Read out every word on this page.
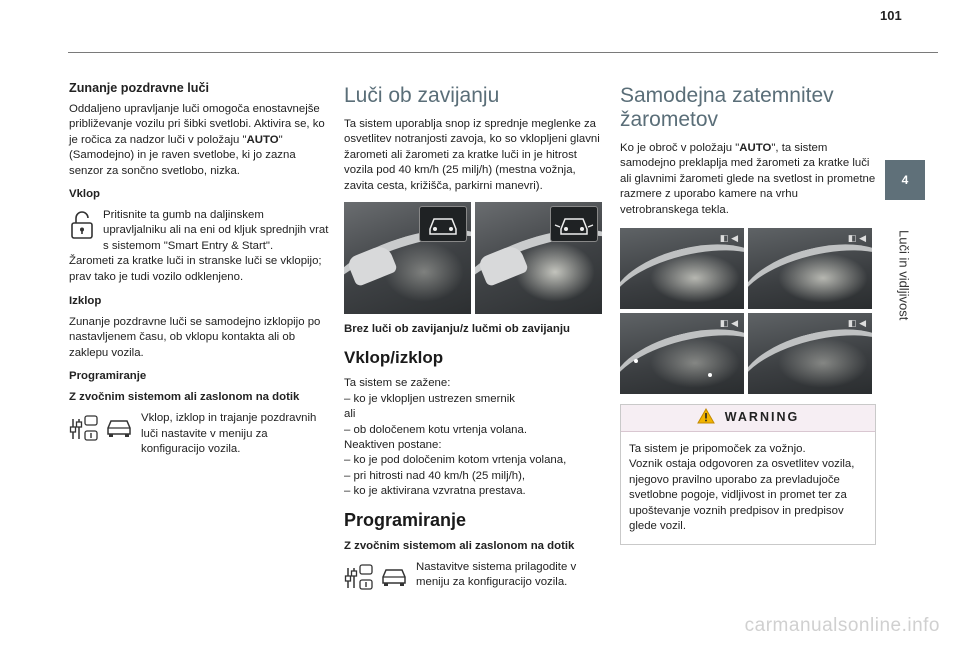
101
Zunanje pozdravne luči

Oddaljeno upravljanje luči omogoča enostavnejše približevanje vozilu pri šibki svetlobi. Aktivira se, ko je ročica za nadzor luči v položaju "AUTO" (Samodejno) in je raven svetlobe, ki jo zazna senzor za sončno svetlobo, nizka.

Vklop

Pritisnite ta gumb na daljinskem upravljalniku ali na eni od kljuk sprednjih vrat s sistemom "Smart Entry & Start".

Žarometi za kratke luči in stranske luči se vklopijo; prav tako je tudi vozilo odklenjeno.

Izklop

Zunanje pozdravne luči se samodejno izklopijo po nastavljenem času, ob vklopu kontakta ali ob zaklepu vozila.

Programiranje
Z zvočnim sistemom ali zaslonom na dotik

Vklop, izklop in trajanje pozdravnih luči nastavite v meniju za konfiguracijo vozila.

Luči ob zavijanju

Ta sistem uporablja snop iz sprednje meglenke za osvetlitev notranjosti zavoja, ko so vklopljeni glavni žarometi ali žarometi za kratke luči in je hitrost vozila pod 40 km/h (25 milj/h) (mestna vožnja, zavita cesta, križišča, parkirni manevri).

Brez luči ob zavijanju/z lučmi ob zavijanju
Vklop/izklop
Ta sistem se zažene:
– ko je vklopljen ustrezen smernik
ali
– ob določenem kotu vrtenja volana.
Neaktiven postane:
– ko je pod določenim kotom vrtenja volana,
– pri hitrosti nad 40 km/h (25 milj/h),
– ko je aktivirana vzvratna prestava.
Programiranje
Z zvočnim sistemom ali zaslonom na dotik

Nastavitve sistema prilagodite v meniju za konfiguracijo vozila.

Samodejna zatemnitev žarometov

Ko je obroč v položaju "AUTO", ta sistem samodejno preklaplja med žarometi za kratke luči ali glavnimi žarometi glede na svetlost in prometne razmere z uporabo kamere na vrhu vetrobranskega tekla.

◧ ◀	◧ ◀
◧ ◀	◧ ◀
WARNING
Ta sistem je pripomoček za vožnjo.
Voznik ostaja odgovoren za osvetlitev vozila, njegovo pravilno uporabo za prevladujoče svetlobne pogoje, vidljivost in promet ter za upoštevanje voznih predpisov in predpisov glede vozil.
4
Luči in vidljivost
carmanualsonline.info
